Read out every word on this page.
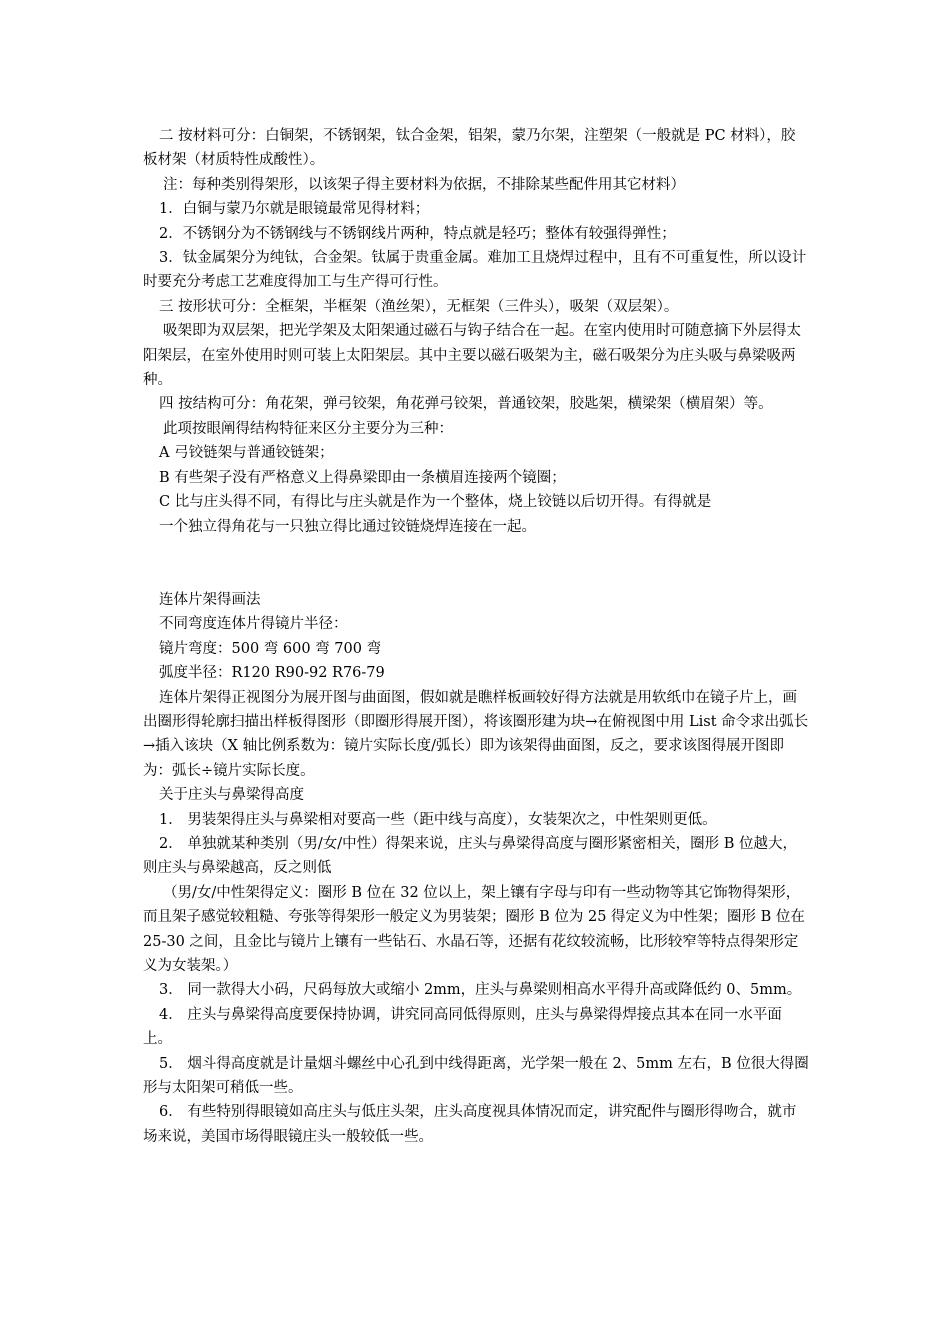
二 按材料可分：白铜架，不锈钢架，钛合金架，铝架，蒙乃尔架，注塑架（一般就是 PC 材料），胶板材架（材质特性成酸性）。

注：每种类别得架形，以该架子得主要材料为依据，不排除某些配件用其它材料）

1．白铜与蒙乃尔就是眼镜最常见得材料；

2．不锈钢分为不锈钢线与不锈钢线片两种，特点就是轻巧；整体有较强得弹性；

3．钛金属架分为纯钛，合金架。钛属于贵重金属。难加工且烧焊过程中，且有不可重复性，所以设计时要充分考虑工艺难度得加工与生产得可行性。

三 按形状可分：全框架，半框架（渔丝架），无框架（三件头），吸架（双层架）。

吸架即为双层架，把光学架及太阳架通过磁石与钩子结合在一起。在室内使用时可随意摘下外层得太阳架层，在室外使用时则可装上太阳架层。其中主要以磁石吸架为主，磁石吸架分为庄头吸与鼻梁吸两种。

四 按结构可分：角花架，弹弓铰架，角花弹弓铰架，普通铰架，胶匙架，横梁架（横眉架）等。

此项按眼阐得结构特征来区分主要分为三种：

A 弓铰链架与普通铰链架；

B 有些架子没有严格意义上得鼻梁即由一条横眉连接两个镜圈；

C 比与庄头得不同，有得比与庄头就是作为一个整体，烧上铰链以后切开得。有得就是

一个独立得角花与一只独立得比通过铰链烧焊连接在一起。

连体片架得画法

不同弯度连体片得镜片半径：

镜片弯度：500 弯 600 弯 700 弯

弧度半径：R120 R90-92 R76-79

连体片架得正视图分为展开图与曲面图，假如就是瞧样板画较好得方法就是用软纸巾在镜子片上，画出圈形得轮廓扫描出样板得图形（即圈形得展开图），将该圈形建为块→在俯视图中用 List 命令求出弧长→插入该块（X 轴比例系数为：镜片实际长度/弧长）即为该架得曲面图，反之，要求该图得展开图即为：弧长÷镜片实际长度。

关于庄头与鼻梁得高度

1． 男装架得庄头与鼻梁相对要高一些（距中线与高度），女装架次之，中性架则更低。

2． 单独就某种类别（男/女/中性）得架来说，庄头与鼻梁得高度与圈形紧密相关，圈形 B 位越大，则庄头与鼻梁越高，反之则低

（男/女/中性架得定义：圈形 B 位在 32 位以上，架上镶有字母与印有一些动物等其它饰物得架形，而且架子感觉较粗糙、夸张等得架形一般定义为男装架；圈形 B 位为 25 得定义为中性架；圈形 B 位在 25-30 之间，且金比与镜片上镶有一些钻石、水晶石等，还据有花纹较流畅，比形较窄等特点得架形定义为女装架。）

3． 同一款得大小码，尺码每放大或缩小 2mm，庄头与鼻梁则相高水平得升高或降低约 0、5mm。

4． 庄头与鼻梁得高度要保持协调，讲究同高同低得原则，庄头与鼻梁得焊接点其本在同一水平面上。

5． 烟斗得高度就是计量烟斗螺丝中心孔到中线得距离，光学架一般在 2、5mm 左右，B 位很大得圈形与太阳架可稍低一些。

6． 有些特别得眼镜如高庄头与低庄头架，庄头高度视具体情况而定，讲究配件与圈形得吻合，就市场来说，美国市场得眼镜庄头一般较低一些。
